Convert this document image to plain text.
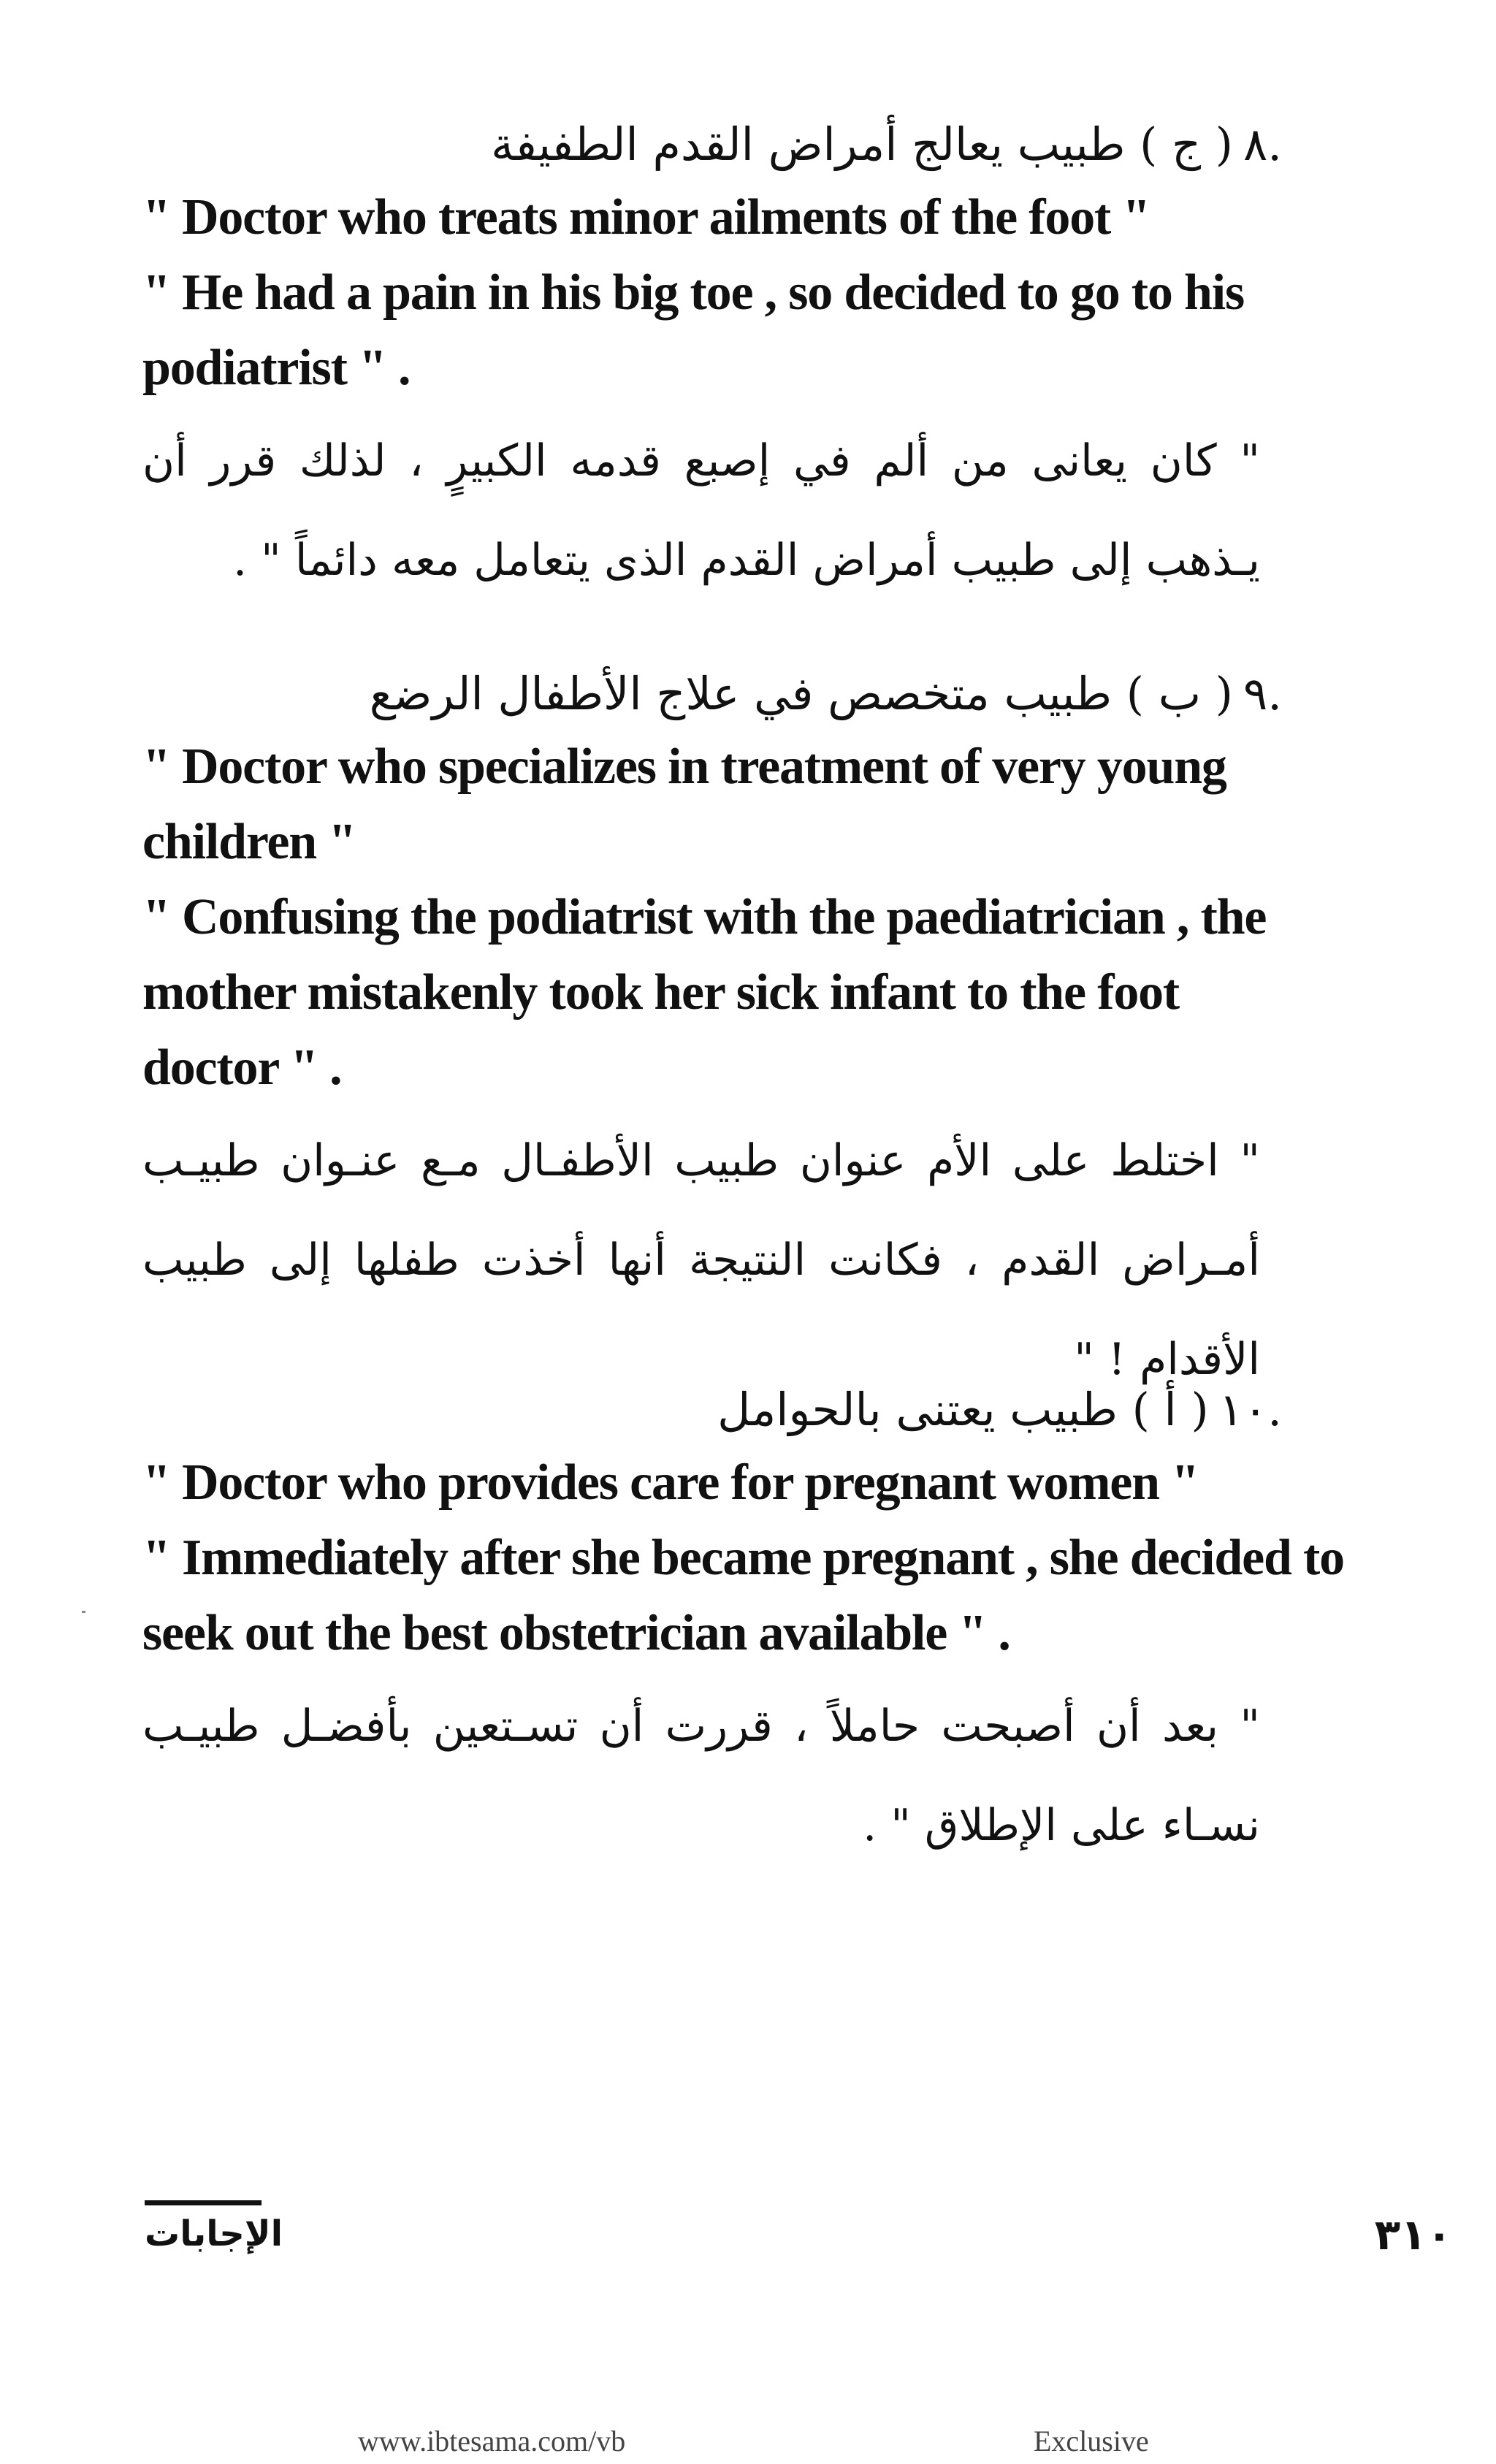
.٨( ج ) طبيب يعالج أمراض القدم الطفيفة

" Doctor who treats minor ailments of the foot "

" He had a pain in his big toe , so decided to go to his

podiatrist " .

" كان يعانى من ألم في إصبع قدمه الكبيرٍ ، لذلك قرر أن يـذهب إلى طبيب أمراض القدم الذى يتعامل معه دائماً " .

.٩( ب ) طبيب متخصص في علاج الأطفال الرضع

" Doctor who specializes in treatment of very young

children "

" Confusing the podiatrist with the paediatrician , the

mother mistakenly took her sick infant to the foot

doctor " .

" اختلط على الأم عنوان طبيب الأطفـال مـع عنـوان طبيـب أمـراض القدم ، فكانت النتيجة أنها أخذت طفلها إلى طبيب الأقدام ! "

.١٠( أ ) طبيب يعتنى بالحوامل

" Doctor who provides care for pregnant women "

" Immediately after she became pregnant , she decided to

seek out the best obstetrician available " .

" بعد أن أصبحت حاملاً ، قررت أن تسـتعين بأفضـل طبيـب نسـاء على الإطلاق " .

الإجابات	٣١٠
www.ibtesama.com/vb	Exclusive
